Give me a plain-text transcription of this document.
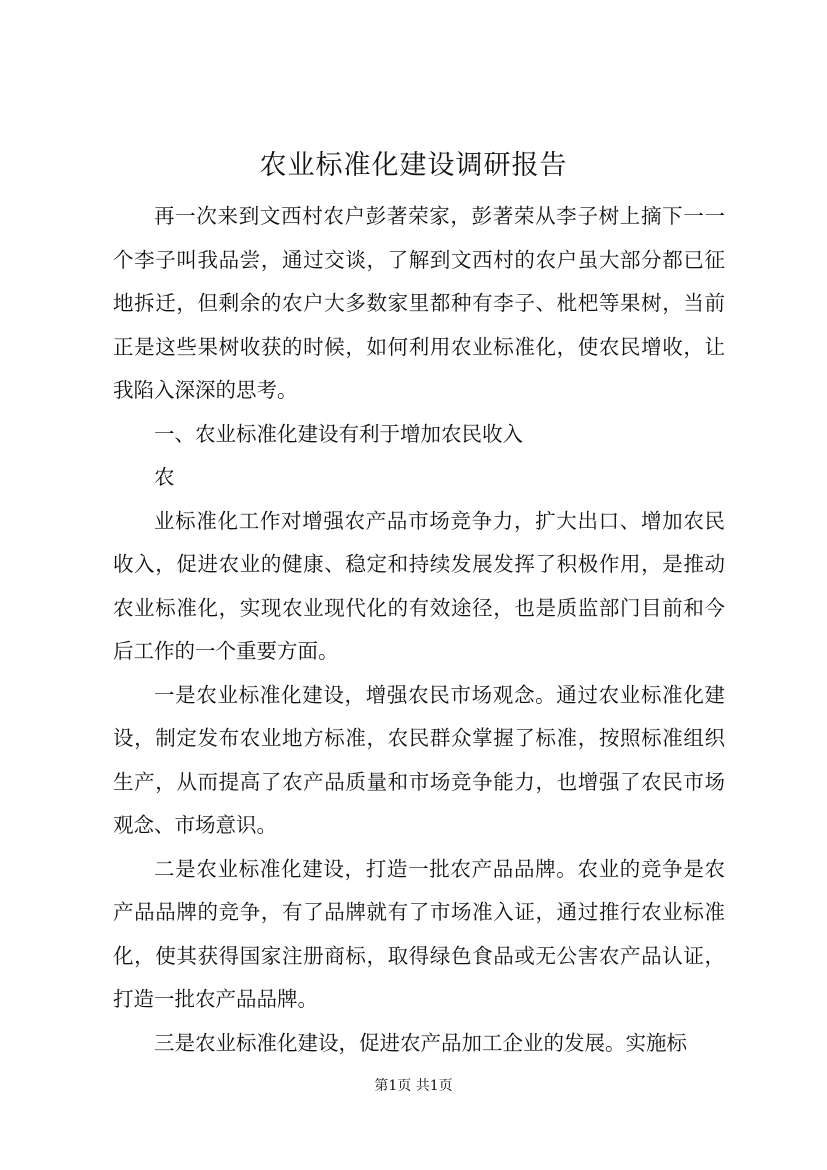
农业标准化建设调研报告

再一次来到文西村农户彭著荣家，彭著荣从李子树上摘下一一个李子叫我品尝，通过交谈，了解到文西村的农户虽大部分都已征地拆迁，但剩余的农户大多数家里都种有李子、枇杷等果树，当前正是这些果树收获的时候，如何利用农业标准化，使农民增收，让我陷入深深的思考。

一、农业标准化建设有利于增加农民收入

农

业标准化工作对增强农产品市场竞争力，扩大出口、增加农民收入，促进农业的健康、稳定和持续发展发挥了积极作用，是推动农业标准化，实现农业现代化的有效途径，也是质监部门目前和今后工作的一个重要方面。

一是农业标准化建设，增强农民市场观念。通过农业标准化建设，制定发布农业地方标准，农民群众掌握了标准，按照标准组织生产，从而提高了农产品质量和市场竞争能力，也增强了农民市场观念、市场意识。

二是农业标准化建设，打造一批农产品品牌。农业的竞争是农产品品牌的竞争，有了品牌就有了市场准入证，通过推行农业标准化，使其获得国家注册商标，取得绿色食品或无公害农产品认证，打造一批农产品品牌。

三是农业标准化建设，促进农产品加工企业的发展。实施标

第1页 共1页
